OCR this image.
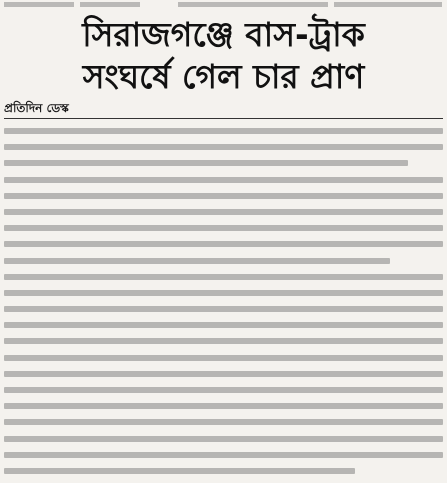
সিরাজগঞ্জে বাস-ট্রাক
সংঘর্ষে গেল চার প্রাণ
প্রতিদিন ডেস্ক
